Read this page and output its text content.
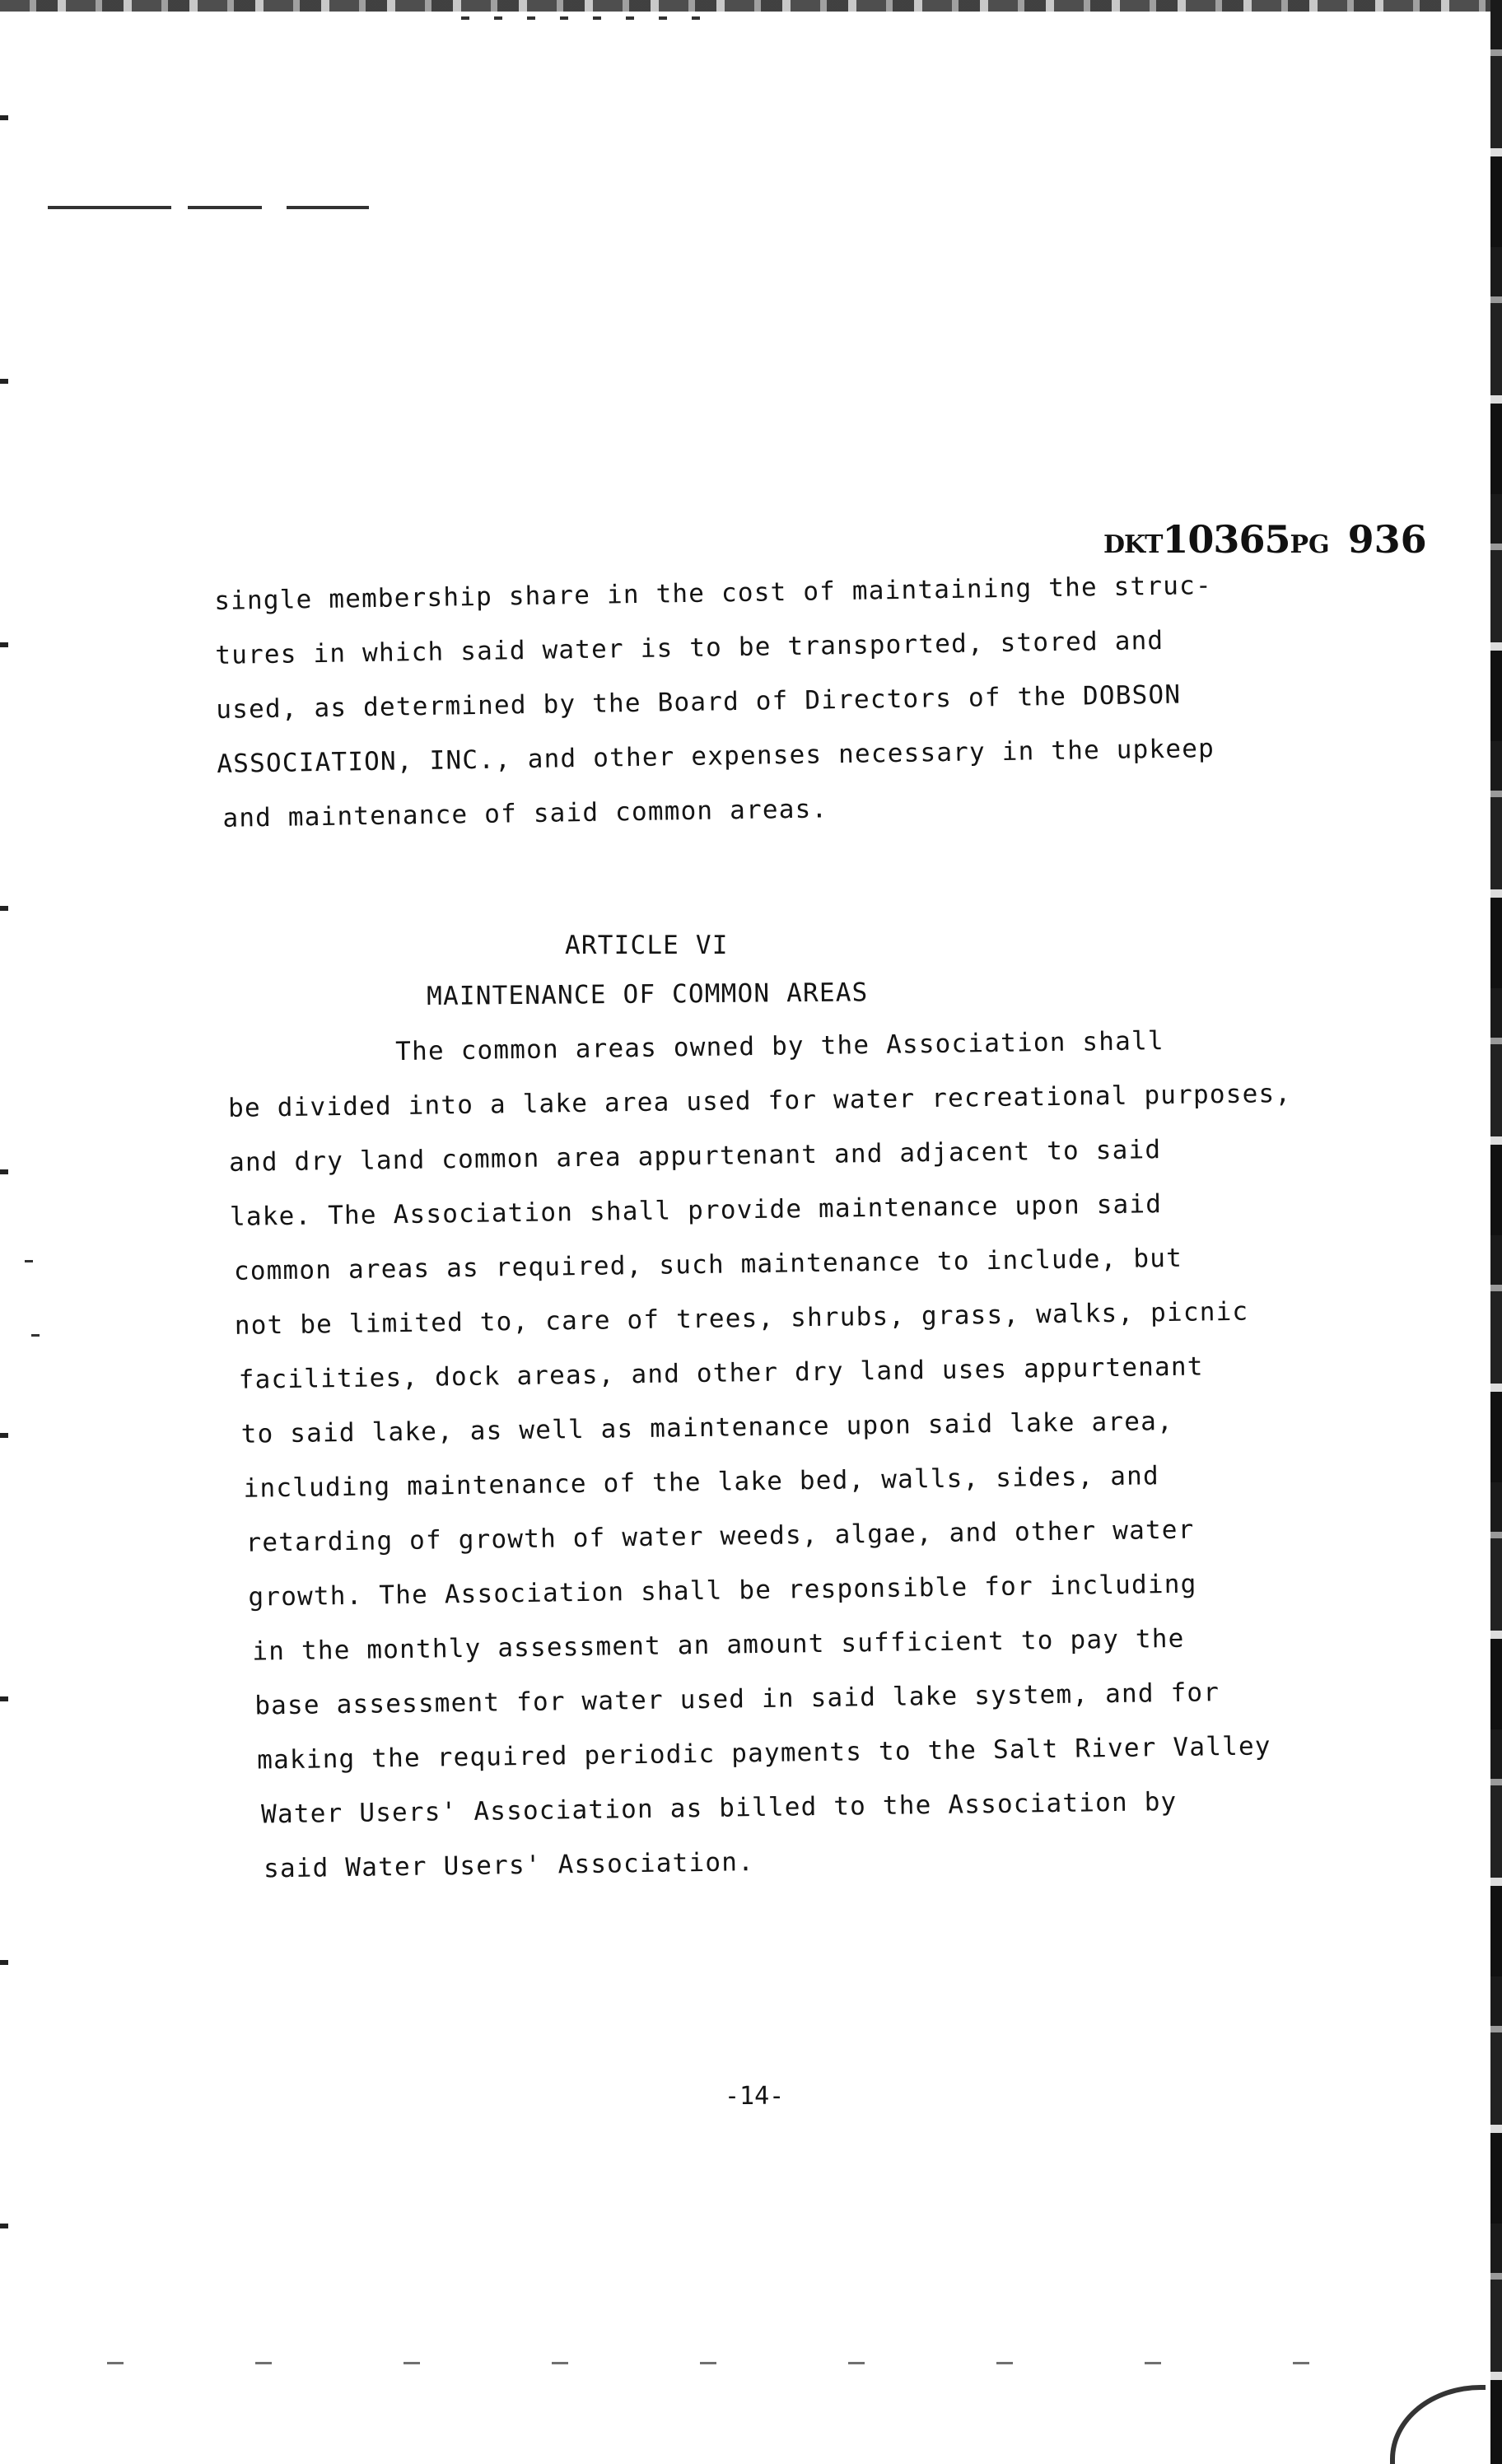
DKT10365PG 936
single membership share in the cost of maintaining the struc-
tures in which said water is to be transported, stored and
used, as determined by the Board of Directors of the DOBSON
ASSOCIATION, INC., and other expenses necessary in the upkeep
and maintenance of said common areas.
ARTICLE VI
MAINTENANCE OF COMMON AREAS
The common areas owned by the Association shall
be divided into a lake area used for water recreational purposes,
and dry land common area appurtenant and adjacent to said
lake. The Association shall provide maintenance upon said
common areas as required, such maintenance to include, but
not be limited to, care of trees, shrubs, grass, walks, picnic
facilities, dock areas, and other dry land uses appurtenant
to said lake, as well as maintenance upon said lake area,
including maintenance of the lake bed, walls, sides, and
retarding of growth of water weeds, algae, and other water
growth. The Association shall be responsible for including
in the monthly assessment an amount sufficient to pay the
base assessment for water used in said lake system, and for
making the required periodic payments to the Salt River Valley
Water Users' Association as billed to the Association by
said Water Users' Association.
-14-
